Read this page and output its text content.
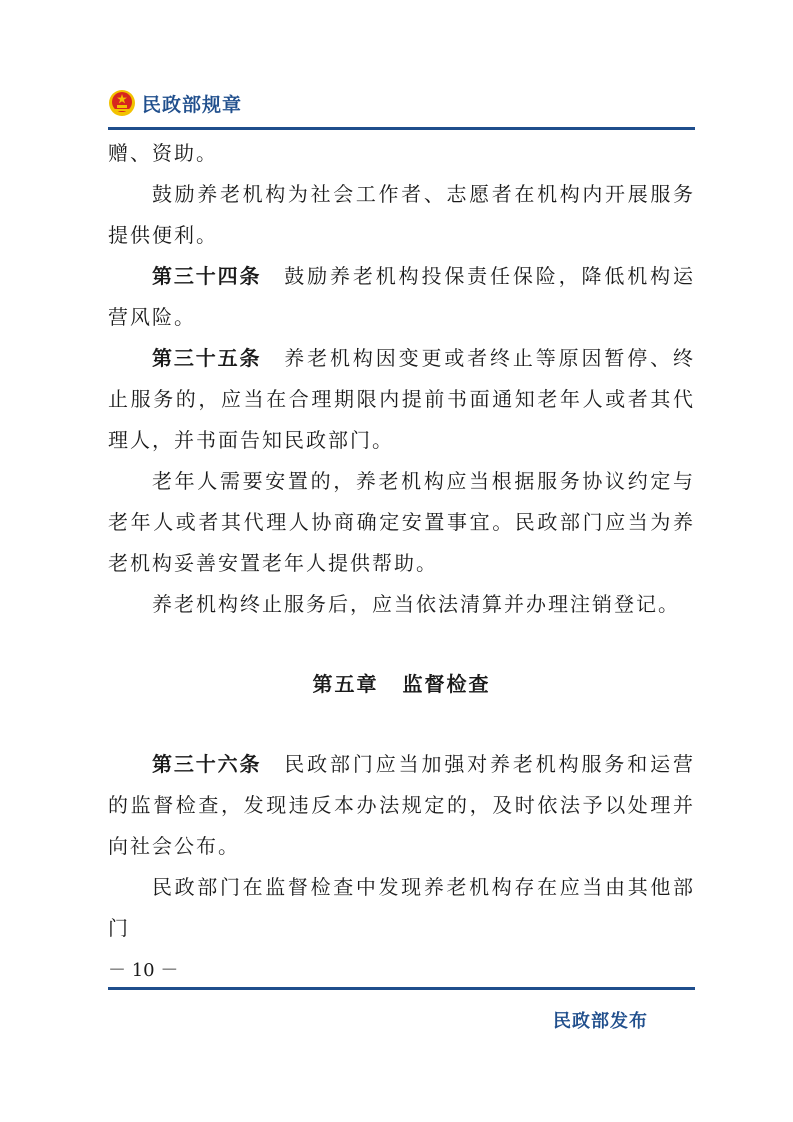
民政部规章

赠、资助。

鼓励养老机构为社会工作者、志愿者在机构内开展服务提供便利。

第三十四条 鼓励养老机构投保责任保险，降低机构运营风险。

第三十五条 养老机构因变更或者终止等原因暂停、终止服务的，应当在合理期限内提前书面通知老年人或者其代理人，并书面告知民政部门。

老年人需要安置的，养老机构应当根据服务协议约定与老年人或者其代理人协商确定安置事宜。民政部门应当为养老机构妥善安置老年人提供帮助。

养老机构终止服务后，应当依法清算并办理注销登记。

第五章 监督检查

第三十六条 民政部门应当加强对养老机构服务和运营的监督检查，发现违反本办法规定的，及时依法予以处理并向社会公布。

民政部门在监督检查中发现养老机构存在应当由其他部门

－ 10 －
民政部发布
